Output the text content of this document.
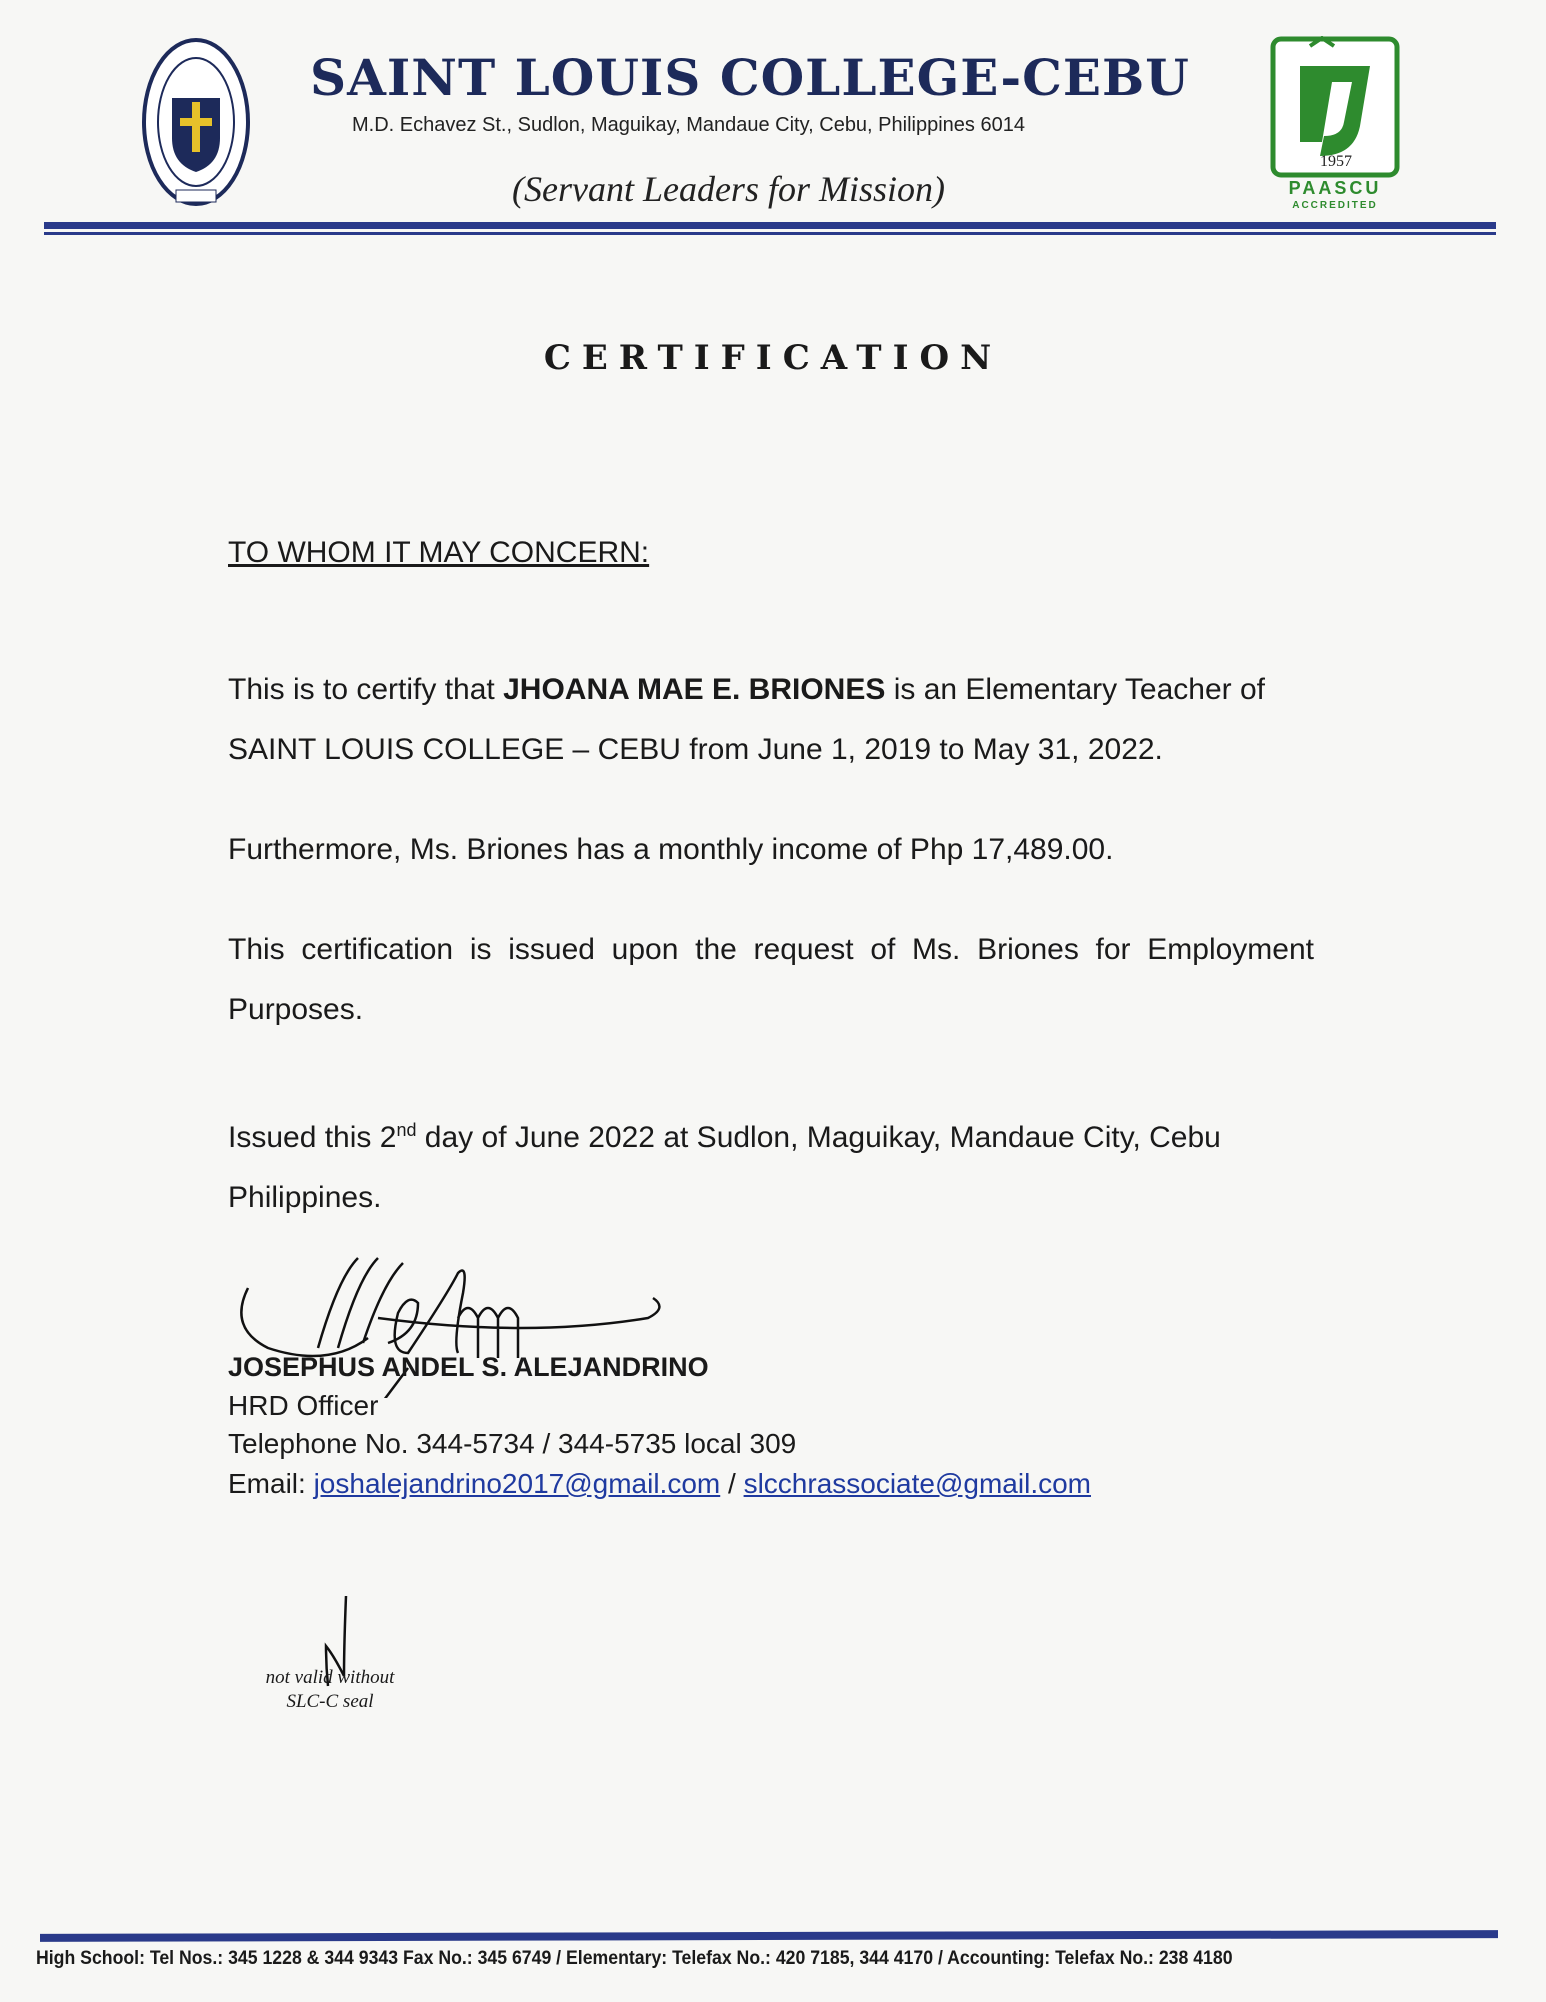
1957
PAASCU
ACCREDITED
SAINT LOUIS COLLEGE-CEBU
M.D. Echavez St., Sudlon, Maguikay, Mandaue City, Cebu, Philippines 6014
(Servant Leaders for Mission)
CERTIFICATION
TO WHOM IT MAY CONCERN:
This is to certify that JHOANA MAE E. BRIONES is an Elementary Teacher of SAINT LOUIS COLLEGE – CEBU from June 1, 2019 to May 31, 2022.
Furthermore, Ms. Briones has a monthly income of Php 17,489.00.
This certification is issued upon the request of Ms. Briones for Employment Purposes.
Issued this 2nd day of June 2022 at Sudlon, Maguikay, Mandaue City, Cebu Philippines.
JOSEPHUS ANDEL S. ALEJANDRINO
HRD Officer
Telephone No. 344-5734 / 344-5735 local 309
Email: joshalejandrino2017@gmail.com / slcchrassociate@gmail.com
not valid without
SLC-C seal
High School: Tel Nos.: 345 1228 & 344 9343 Fax No.: 345 6749 / Elementary: Telefax No.: 420 7185, 344 4170 / Accounting: Telefax No.: 238 4180
